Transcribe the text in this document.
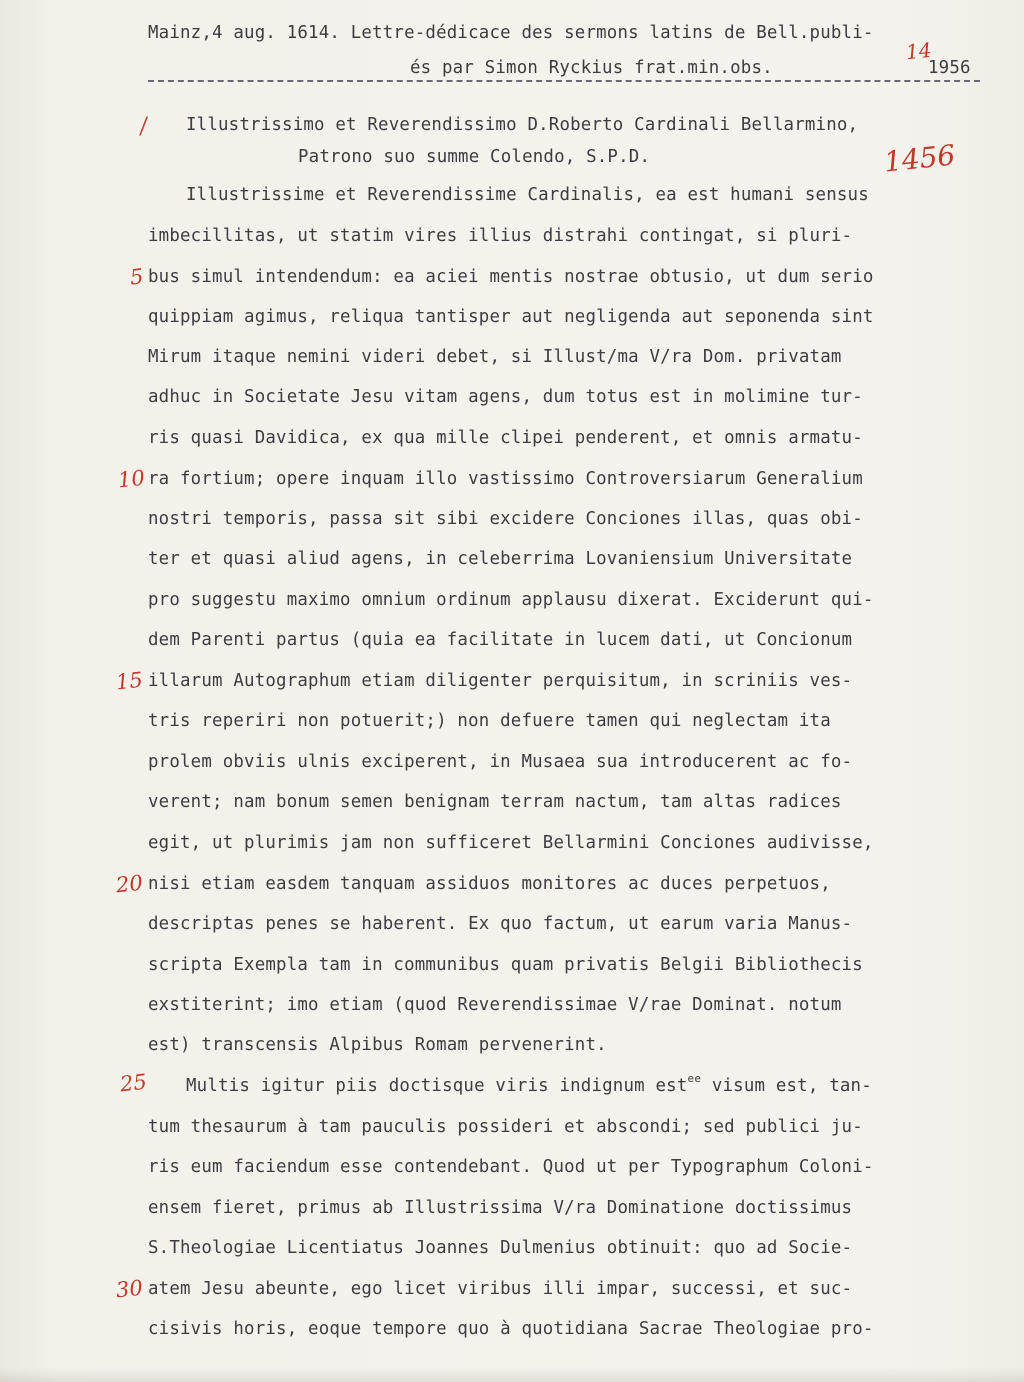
Mainz,4 aug. 1614. Lettre-dédicace des sermons latins de Bell.publi-
és par Simon Ryckius frat.min.obs.	1956
14
/ Illustrissimo et Reverendissimo D.Roberto Cardinali Bellarmino,
Patrono suo summe Colendo, S.P.D.	1456
Illustrissime et Reverendissime Cardinalis, ea est humani sensus
imbecillitas, ut statim vires illius distrahi contingat, si pluri-
5 bus simul intendendum: ea aciei mentis nostrae obtusio, ut dum serio
quippiam agimus, reliqua tantisper aut negligenda aut seponenda sint
Mirum itaque nemini videri debet, si Illust/ma V/ra Dom. privatam
adhuc in Societate Jesu vitam agens, dum totus est in molimine tur-
ris quasi Davidica, ex qua mille clipei penderent, et omnis armatu-
10 ra fortium; opere inquam illo vastissimo Controversiarum Generalium
nostri temporis, passa sit sibi excidere Conciones illas, quas obi-
ter et quasi aliud agens, in celeberrima Lovaniensium Universitate
pro suggestu maximo omnium ordinum applausu dixerat. Exciderunt qui-
dem Parenti partus (quia ea facilitate in lucem dati, ut Concionum
15 illarum Autographum etiam diligenter perquisitum, in scriniis ves-
tris reperiri non potuerit;) non defuere tamen qui neglectam ita
prolem obviis ulnis exciperent, in Musaea sua introducerent ac fo-
verent; nam bonum semen benignam terram nactum, tam altas radices
egit, ut plurimis jam non sufficeret Bellarmini Conciones audivisse,
20 nisi etiam easdem tanquam assiduos monitores ac duces perpetuos,
descriptas penes se haberent. Ex quo factum, ut earum varia Manus-
scripta Exempla tam in communibus quam privatis Belgii Bibliothecis
exstiterint; imo etiam (quod Reverendissimae V/rae Dominat. notum
est) transcensis Alpibus Romam pervenerint.
25 Multis igitur piis doctisque viris indignum est$^{ee}$ visum est, tan-
tum thesaurum à tam pauculis possideri et abscondi; sed publici ju-
ris eum faciendum esse contendebant. Quod ut per Typographum Coloni-
ensem fieret, primus ab Illustrissima V/ra Dominatione doctissimus
S.Theologiae Licentiatus Joannes Dulmenius obtinuit: quo ad Socie-
30 atem Jesu abeunte, ego licet viribus illi impar, successi, et suc-
cisivis horis, eoque tempore quo à quotidiana Sacrae Theologiae pro-
